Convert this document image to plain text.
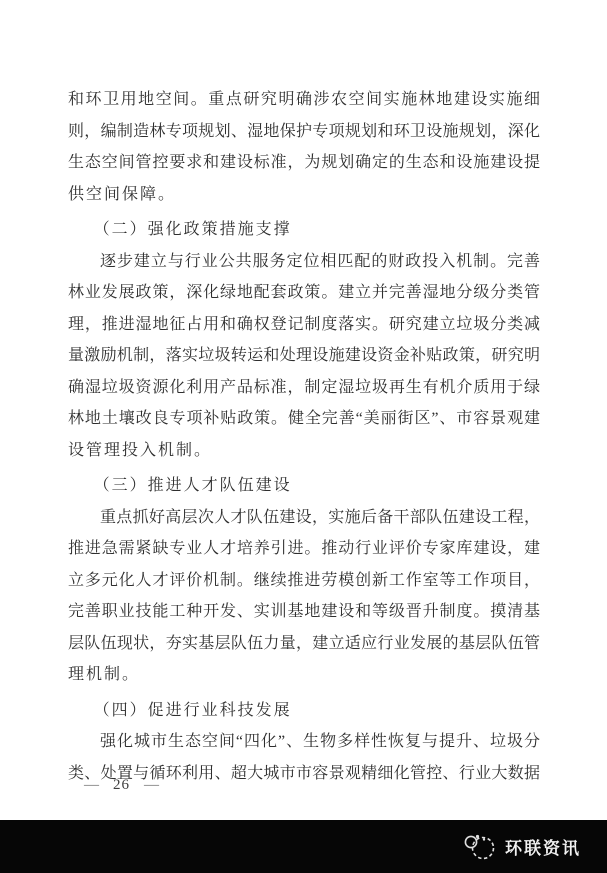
和环卫用地空间。重点研究明确涉农空间实施林地建设实施细
则，编制造林专项规划、湿地保护专项规划和环卫设施规划，深化
生态空间管控要求和建设标准，为规划确定的生态和设施建设提
供空间保障。
（二）强化政策措施支撑
逐步建立与行业公共服务定位相匹配的财政投入机制。完善
林业发展政策，深化绿地配套政策。建立并完善湿地分级分类管
理，推进湿地征占用和确权登记制度落实。研究建立垃圾分类减
量激励机制，落实垃圾转运和处理设施建设资金补贴政策，研究明
确湿垃圾资源化利用产品标准，制定湿垃圾再生有机介质用于绿
林地土壤改良专项补贴政策。健全完善“美丽街区”、市容景观建
设管理投入机制。
（三）推进人才队伍建设
重点抓好高层次人才队伍建设，实施后备干部队伍建设工程，
推进急需紧缺专业人才培养引进。推动行业评价专家库建设，建
立多元化人才评价机制。继续推进劳模创新工作室等工作项目，
完善职业技能工种开发、实训基地建设和等级晋升制度。摸清基
层队伍现状，夯实基层队伍力量，建立适应行业发展的基层队伍管
理机制。
（四）促进行业科技发展
强化城市生态空间“四化”、生物多样性恢复与提升、垃圾分
类、处置与循环利用、超大城市市容景观精细化管控、行业大数据
— 26 —
环联资讯
